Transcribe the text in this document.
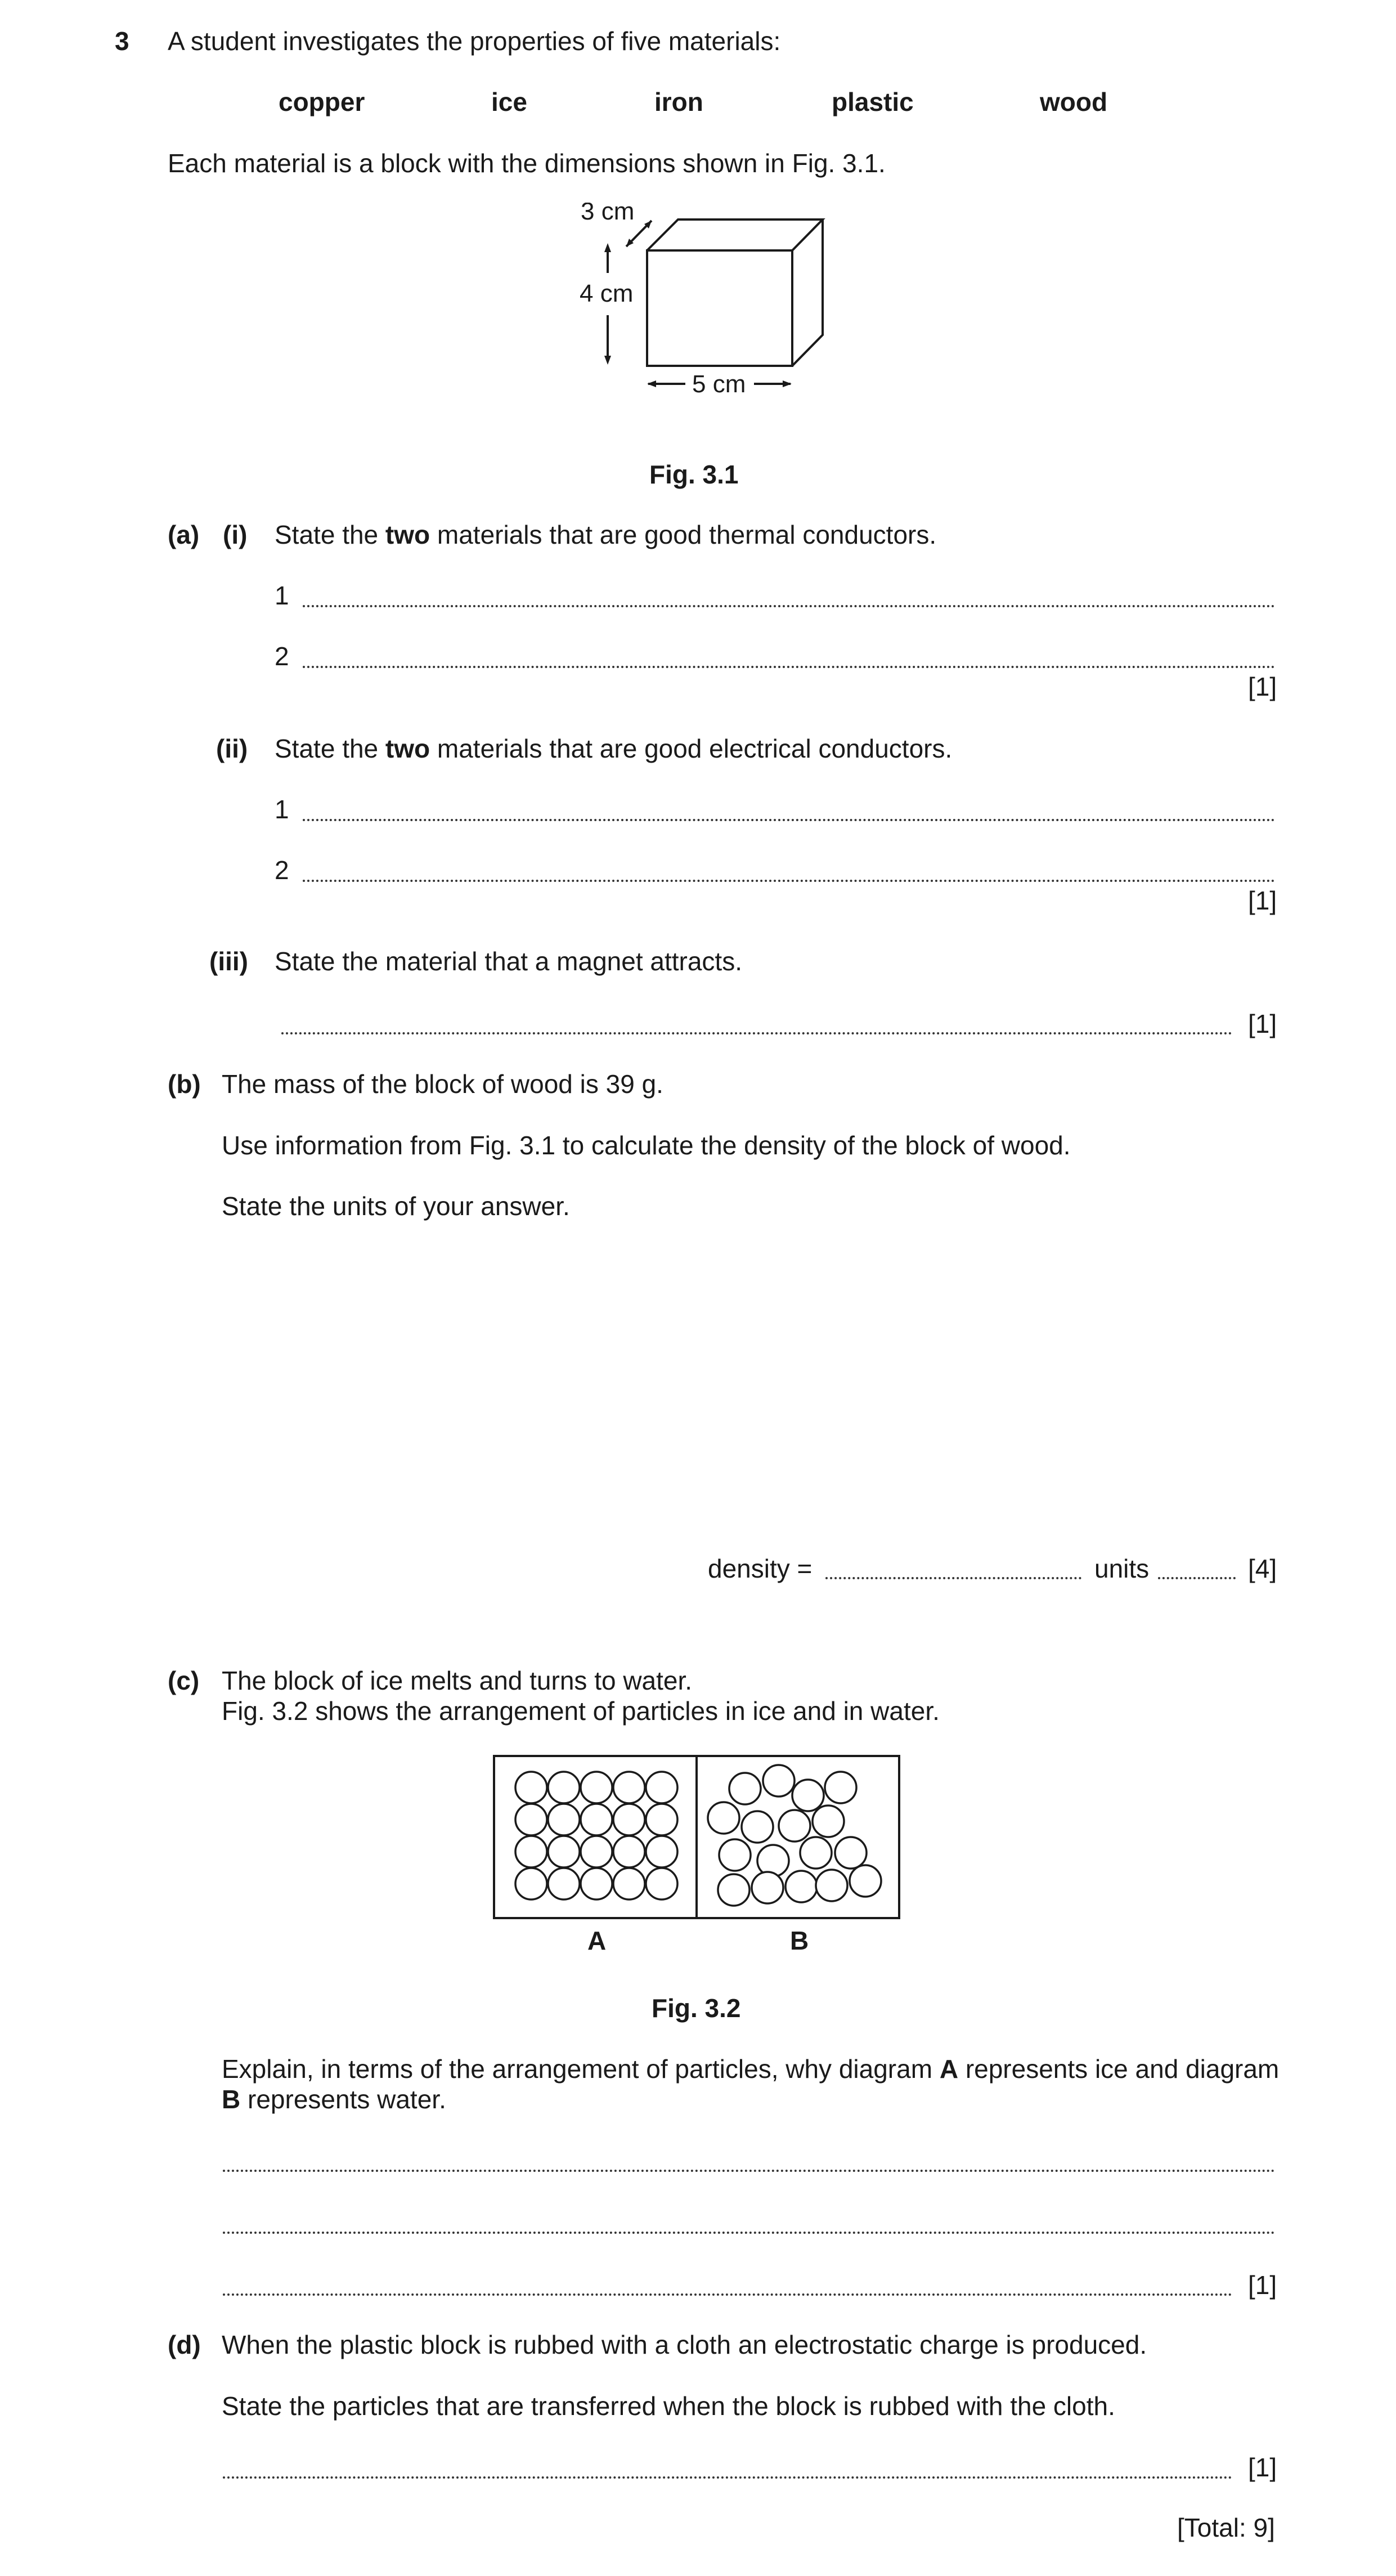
3 A student investigates the properties of five materials:
copper	ice	iron	plastic	wood
Each material is a block with the dimensions shown in Fig. 3.1.
3 cm
4 cm
5 cm
Fig. 3.1
(a) (i) State the two materials that are good thermal conductors.
1
2
[1]
(ii) State the two materials that are good electrical conductors.
1
2
[1]
(iii) State the material that a magnet attracts.
[1]
(b) The mass of the block of wood is 39 g.
Use information from Fig. 3.1 to calculate the density of the block of wood.
State the units of your answer.
density =	units	[4]
(c) The block of ice melts and turns to water.
Fig. 3.2 shows the arrangement of particles in ice and in water.
A	B
Fig. 3.2
Explain, in terms of the arrangement of particles, why diagram A represents ice and diagram
B represents water.
[1]
(d) When the plastic block is rubbed with a cloth an electrostatic charge is produced.
State the particles that are transferred when the block is rubbed with the cloth.
[1]
[Total: 9]
